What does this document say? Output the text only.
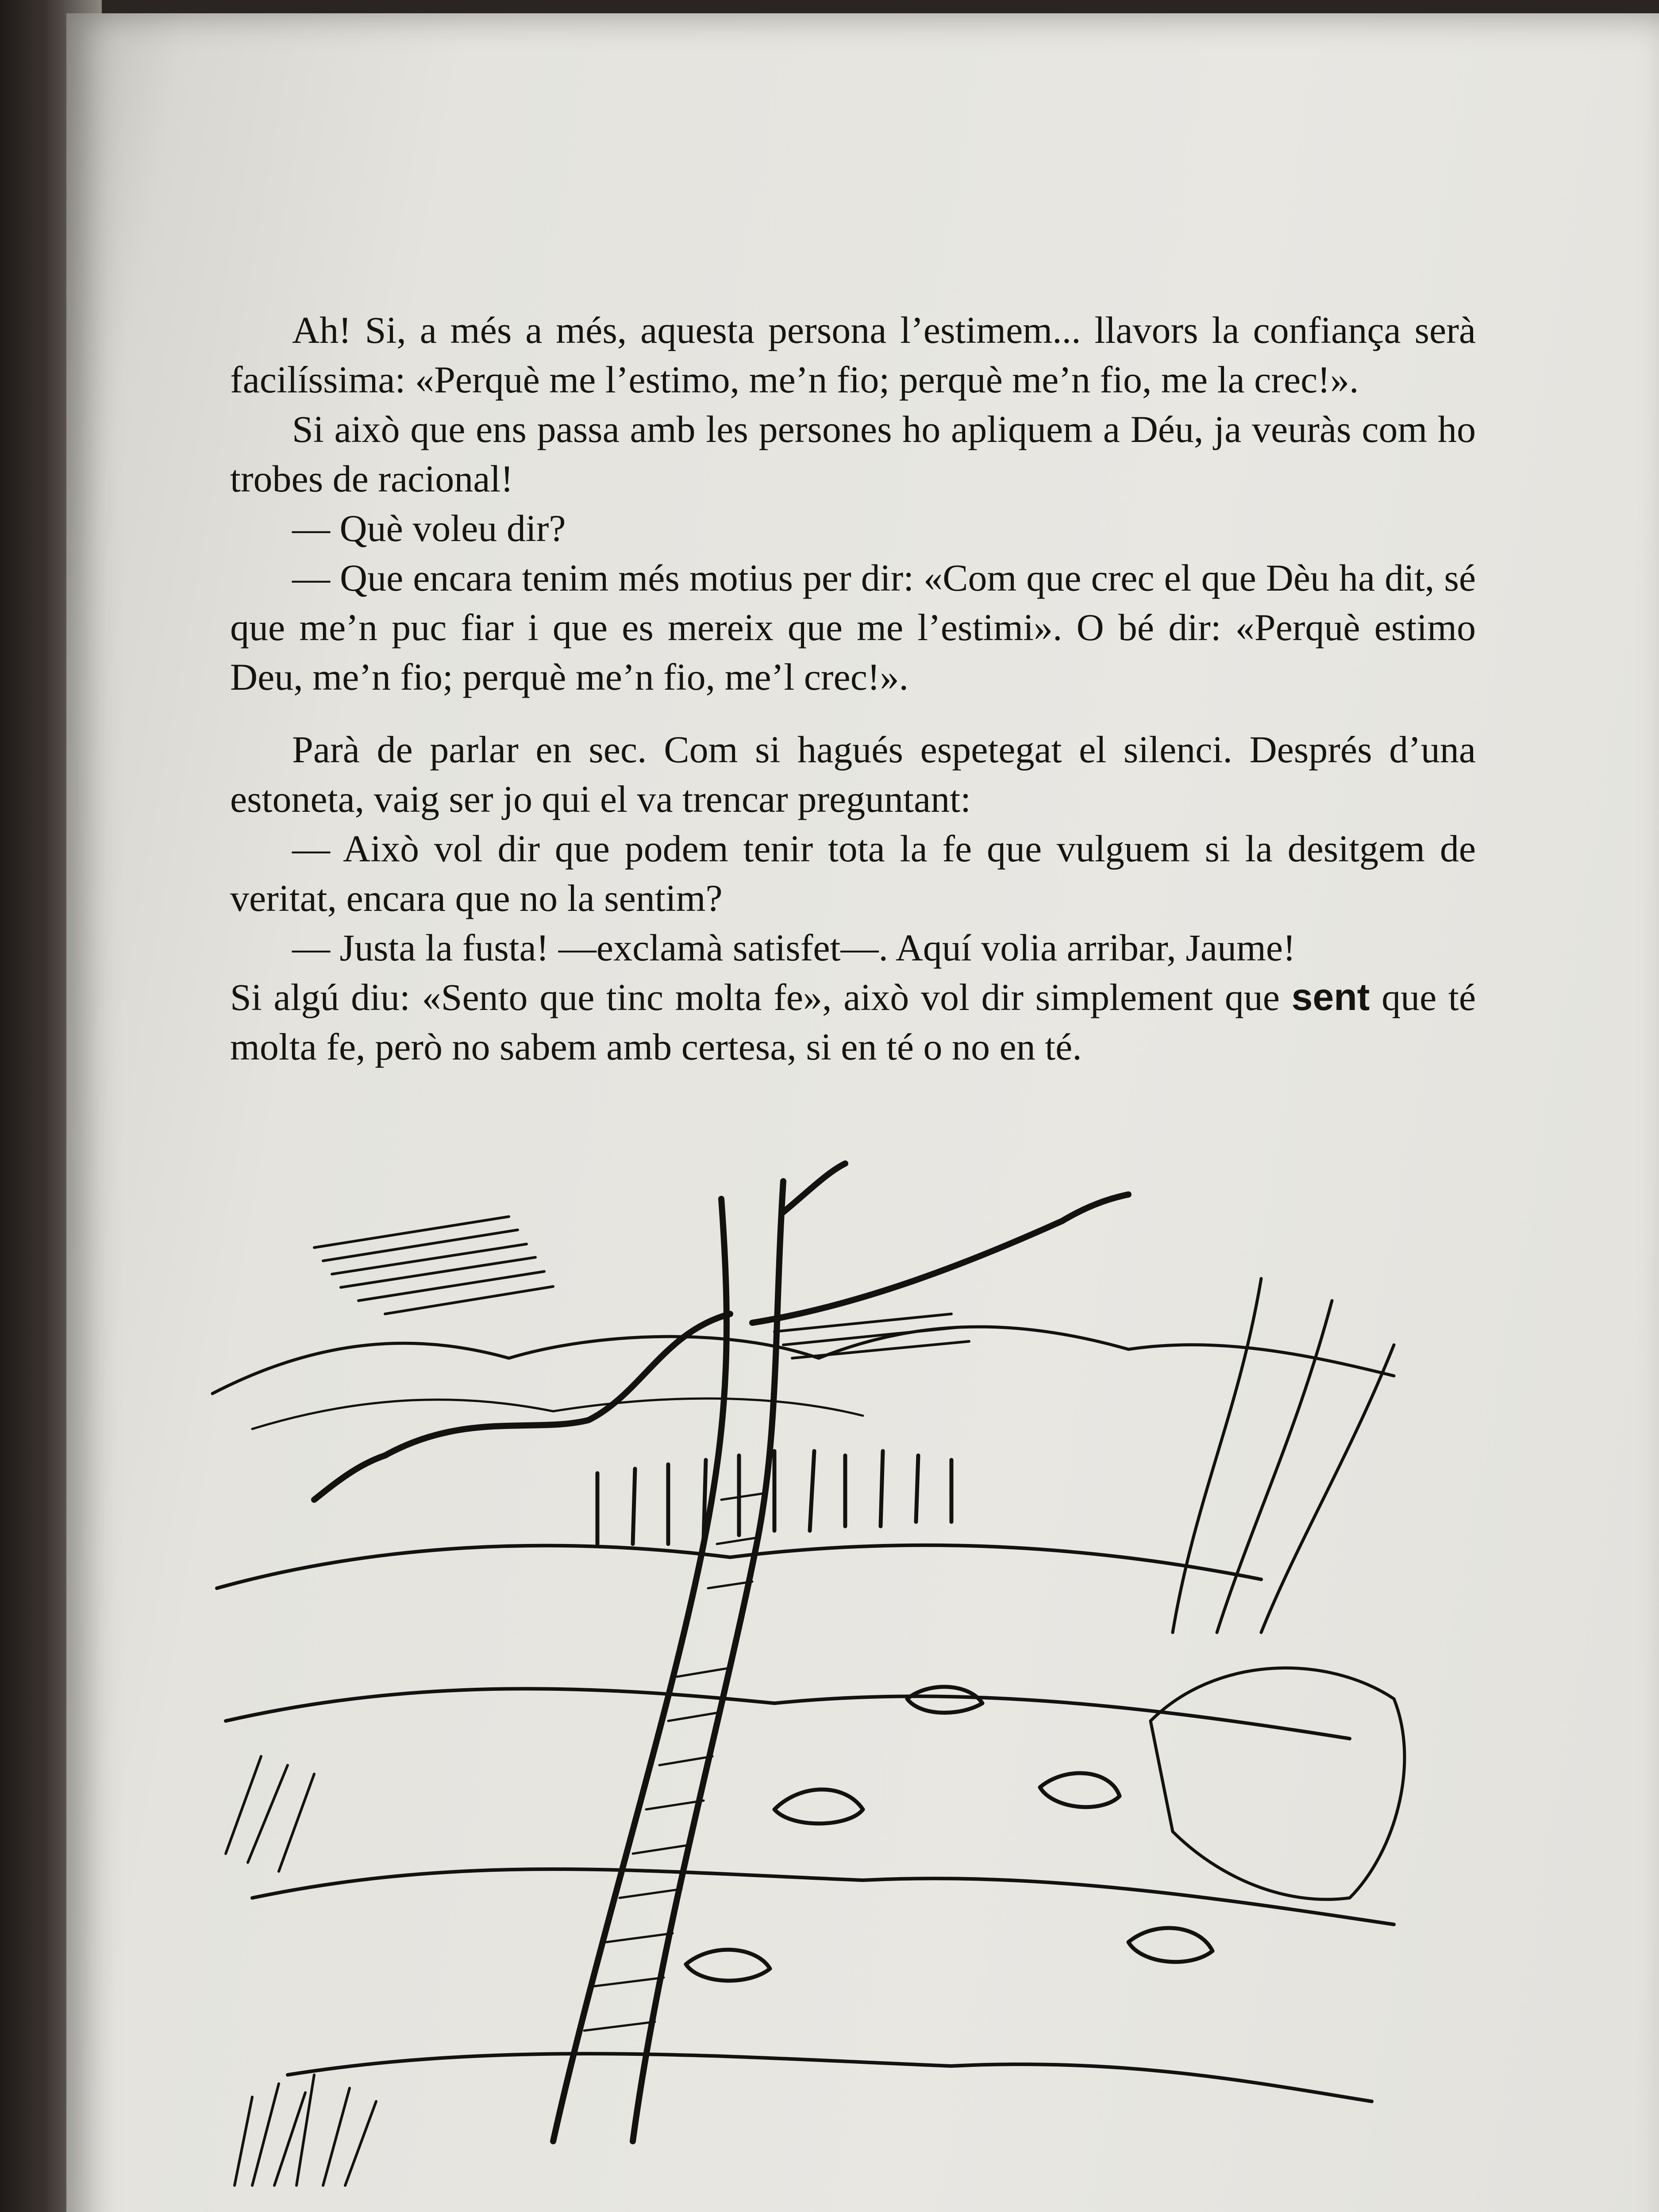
Ah! Si, a més a més, aquesta persona l’estimem... llavors la confiança serà facilíssima: «Perquè me l’estimo, me’n fio; perquè me’n fio, me la crec!».

Si això que ens passa amb les persones ho apliquem a Déu, ja veuràs com ho trobes de racional!

— Què voleu dir?

— Que encara tenim més motius per dir: «Com que crec el que Dèu ha dit, sé que me’n puc fiar i que es mereix que me l’estimi». O bé dir: «Perquè estimo Deu, me’n fio; perquè me’n fio, me’l crec!».

Parà de parlar en sec. Com si hagués espetegat el silenci. Després d’una estoneta, vaig ser jo qui el va trencar preguntant:

— Això vol dir que podem tenir tota la fe que vulguem si la desitgem de veritat, encara que no la sentim?

— Justa la fusta! —exclamà satisfet—. Aquí volia arribar, Jaume!

Si algú diu: «Sento que tinc molta fe», això vol dir simplement que sent que té molta fe, però no sabem amb certesa, si en té o no en té.
